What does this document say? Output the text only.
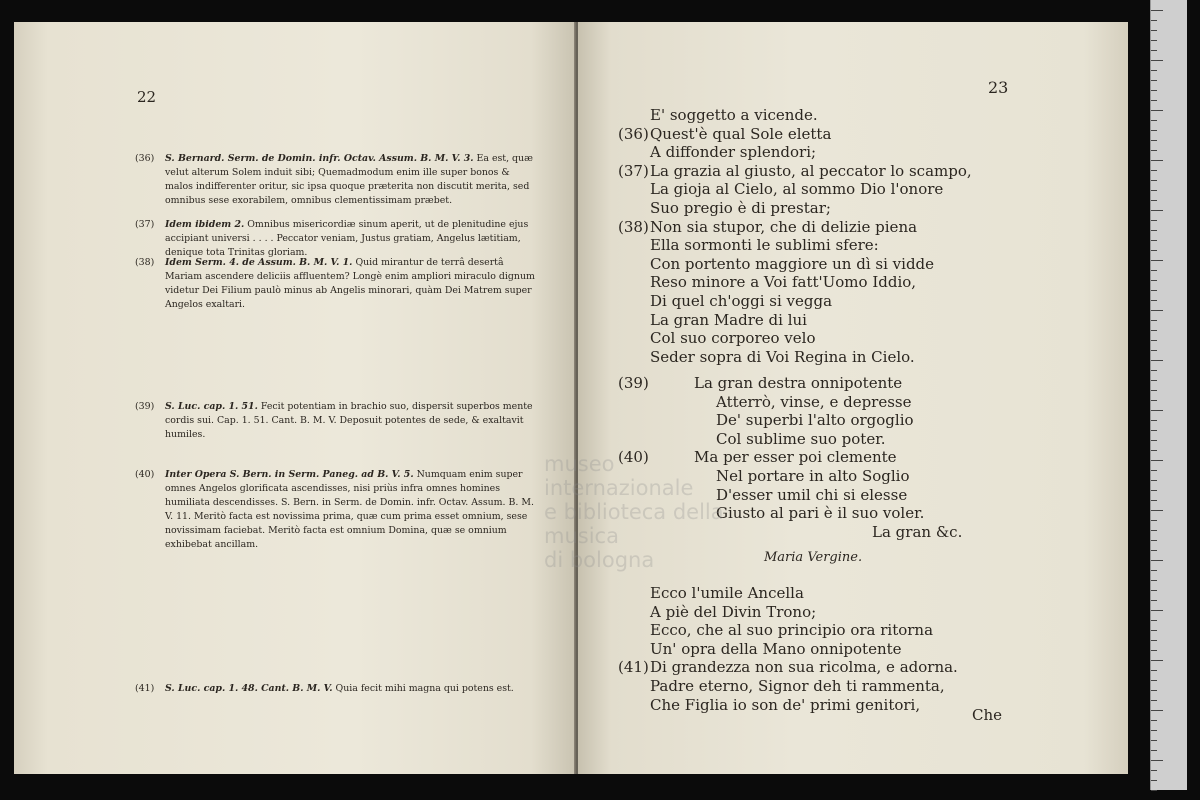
22
(36) S. Bernard. Serm. de Domin. infr. Octav. Assum. B. M. V. 3. Ea est, quæ velut alterum Solem induit sibi; Quemadmodum enim ille super bonos & malos indifferenter oritur, sic ipsa quoque præterita non discutit merita, sed omnibus sese exorabilem, omnibus clementissimam præbet.
(37) Idem ibidem 2. Omnibus misericordiæ sinum aperit, ut de plenitudine ejus accipiant universi . . . . Peccator veniam, Justus gratiam, Angelus lætitiam, denique tota Trinitas gloriam.
(38) Idem Serm. 4. de Assum. B. M. V. 1. Quid mirantur de terrâ desertâ Mariam ascendere deliciis affluentem? Longè enim ampliori miraculo dignum videtur Dei Filium paulò minus ab Angelis minorari, quàm Dei Matrem super Angelos exaltari.
(39) S. Luc. cap. 1. 51. Fecit potentiam in brachio suo, dispersit superbos mente cordis sui. Cap. 1. 51. Cant. B. M. V. Deposuit potentes de sede, & exaltavit humiles.
(40) Inter Opera S. Bern. in Serm. Paneg. ad B. V. 5. Numquam enim super omnes Angelos glorificata ascendisses, nisi priùs infra omnes homines humiliata descendisses. S. Bern. in Serm. de Domin. infr. Octav. Assum. B. M. V. 11. Meritò facta est novissima prima, quæ cum prima esset omnium, sese novissimam faciebat. Meritò facta est omnium Domina, quæ se omnium exhibebat ancillam.
(41) S. Luc. cap. 1. 48. Cant. B. M. V. Quia fecit mihi magna qui potens est.
23
E' soggetto a vicende.
(36) Quest'è qual Sole eletta
A diffonder splendori;
(37) La grazia al giusto, al peccator lo scampo,
La gioja al Cielo, al sommo Dio l'onore
Suo pregio è di prestar;
(38) Non sia stupor, che di delizie piena
Ella sormonti le sublimi sfere:
Con portento maggiore un dì si vidde
Reso minore a Voi fatt'Uomo Iddio,
Di quel ch'oggi si vegga
La gran Madre di lui
Col suo corporeo velo
Seder sopra di Voi Regina in Cielo.
(39)	La gran destra onnipotente
Atterrò, vinse, e depresse
De' superbi l'alto orgoglio
Col sublime suo poter.
(40)	Ma per esser poi clemente
Nel portare in alto Soglio
D'esser umil chi si elesse
Giusto al pari è il suo voler.
La gran &c.
Maria Vergine.
Ecco l'umile Ancella
A piè del Divin Trono;
Ecco, che al suo principio ora ritorna
Un' opra della Mano onnipotente
(41) Di grandezza non sua ricolma, e adorna.
Padre eterno, Signor deh ti rammenta,
Che Figlia io son de' primi genitori,
Che
museo internazionale
e biblioteca della musica
di bologna
